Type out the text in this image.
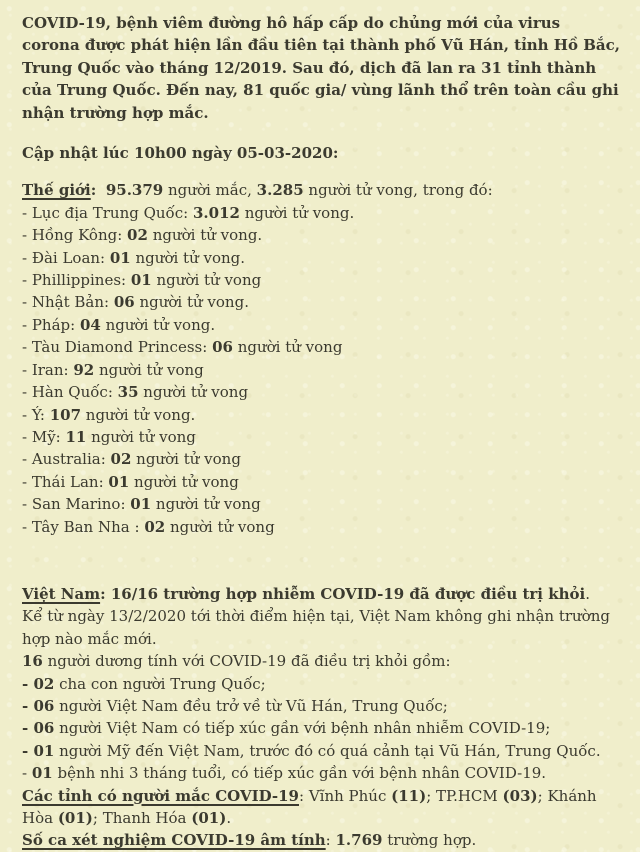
COVID-19, bệnh viêm đường hô hấp cấp do chủng mới của virus corona được phát hiện lần đầu tiên tại thành phố Vũ Hán, tỉnh Hồ Bắc, Trung Quốc vào tháng 12/2019. Sau đó, dịch đã lan ra 31 tỉnh thành của Trung Quốc. Đến nay, 81 quốc gia/ vùng lãnh thổ trên toàn cầu ghi nhận trường hợp mắc.

Cập nhật lúc 10h00 ngày 05-03-2020:

Thế giới: 95.379 người mắc, 3.285 người tử vong, trong đó:

- Lục địa Trung Quốc: 3.012 người tử vong.

- Hồng Kông: 02 người tử vong.

- Đài Loan: 01 người tử vong.

- Phillippines: 01 người tử vong

- Nhật Bản: 06 người tử vong.

- Pháp: 04 người tử vong.

- Tàu Diamond Princess: 06 người tử vong

- Iran: 92 người tử vong

- Hàn Quốc: 35 người tử vong

- Ý: 107 người tử vong.

- Mỹ: 11 người tử vong

- Australia: 02 người tử vong

- Thái Lan: 01 người tử vong

- San Marino: 01 người tử vong

- Tây Ban Nha : 02 người tử vong

Việt Nam: 16/16 trường hợp nhiễm COVID-19 đã được điều trị khỏi.

Kể từ ngày 13/2/2020 tới thời điểm hiện tại, Việt Nam không ghi nhận trường hợp nào mắc mới.

16 người dương tính với COVID-19 đã điều trị khỏi gồm:

- 02 cha con người Trung Quốc;

- 06 người Việt Nam đều trở về từ Vũ Hán, Trung Quốc;

- 06 người Việt Nam có tiếp xúc gần với bệnh nhân nhiễm COVID-19;

- 01 người Mỹ đến Việt Nam, trước đó có quá cảnh tại Vũ Hán, Trung Quốc.

- 01 bệnh nhi 3 tháng tuổi, có tiếp xúc gần với bệnh nhân COVID-19.

Các tỉnh có người mắc COVID-19: Vĩnh Phúc (11); TP.HCM (03); Khánh Hòa (01); Thanh Hóa (01).

Số ca xét nghiệm COVID-19 âm tính: 1.769 trường hợp.
